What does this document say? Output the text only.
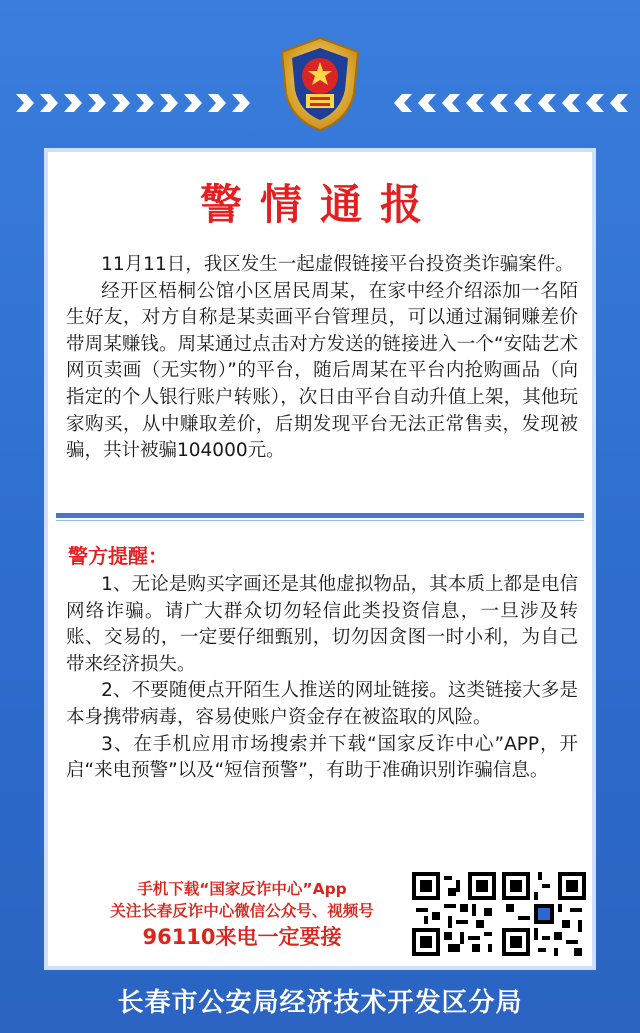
警情通报

11月11日，我区发生一起虚假链接平台投资类诈骗案件。

经开区梧桐公馆小区居民周某，在家中经介绍添加一名陌生好友，对方自称是某卖画平台管理员，可以通过漏铜赚差价带周某赚钱。周某通过点击对方发送的链接进入一个“安陆艺术网页卖画（无实物）”的平台，随后周某在平台内抢购画品（向指定的个人银行账户转账），次日由平台自动升值上架，其他玩家购买，从中赚取差价，后期发现平台无法正常售卖，发现被骗，共计被骗104000元。

警方提醒：

1、无论是购买字画还是其他虚拟物品，其本质上都是电信网络诈骗。请广大群众切勿轻信此类投资信息，一旦涉及转账、交易的，一定要仔细甄别，切勿因贪图一时小利，为自己带来经济损失。

2、不要随便点开陌生人推送的网址链接。这类链接大多是本身携带病毒，容易使账户资金存在被盗取的风险。

3、在手机应用市场搜索并下载“国家反诈中心”APP，开启“来电预警”以及“短信预警”，有助于准确识别诈骗信息。

手机下载“国家反诈中心”App
关注长春反诈中心微信公众号、视频号
96110来电一定要接
长春市公安局经济技术开发区分局
